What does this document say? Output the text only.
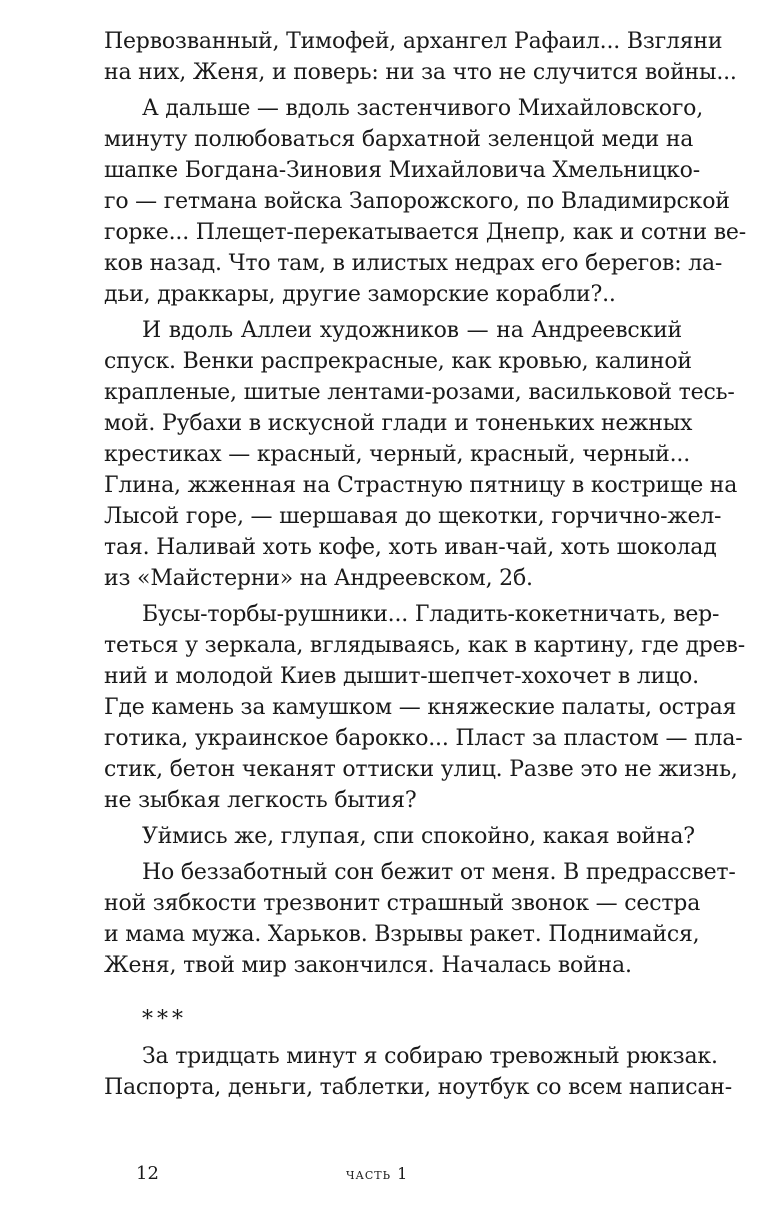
Первозванный, Тимофей, архангел Рафаил... Взгляни
на них, Женя, и поверь: ни за что не случится войны...
А дальше — вдоль застенчивого Михайловского,
минуту полюбоваться бархатной зеленцой меди на
шапке Богдана-Зиновия Михайловича Хмельницко-
го — гетмана войска Запорожского, по Владимирской
горке... Плещет-перекатывается Днепр, как и сотни ве-
ков назад. Что там, в илистых недрах его берегов: ла-
дьи, драккары, другие заморские корабли?..
И вдоль Аллеи художников — на Андреевский
спуск. Венки распрекрасные, как кровью, калиной
крапленые, шитые лентами-розами, васильковой тесь-
мой. Рубахи в искусной глади и тоненьких нежных
крестиках — красный, черный, красный, черный...
Глина, жженная на Страстную пятницу в кострище на
Лысой горе, — шершавая до щекотки, горчично-жел-
тая. Наливай хоть кофе, хоть иван-чай, хоть шоколад
из «Майстерни» на Андреевском, 2б.
Бусы-торбы-рушники... Гладить-кокетничать, вер-
теться у зеркала, вглядываясь, как в картину, где древ-
ний и молодой Киев дышит-шепчет-хохочет в лицо.
Где камень за камушком — княжеские палаты, острая
готика, украинское барокко... Пласт за пластом — пла-
стик, бетон чеканят оттиски улиц. Разве это не жизнь,
не зыбкая легкость бытия?
Уймись же, глупая, спи спокойно, какая война?
Но беззаботный сон бежит от меня. В предрассвет-
ной зябкости трезвонит страшный звонок — сестра
и мама мужа. Харьков. Взрывы ракет. Поднимайся,
Женя, твой мир закончился. Началась война.
***
За тридцать минут я собираю тревожный рюкзак.
Паспорта, деньги, таблетки, ноутбук со всем написан-
12	часть 1
